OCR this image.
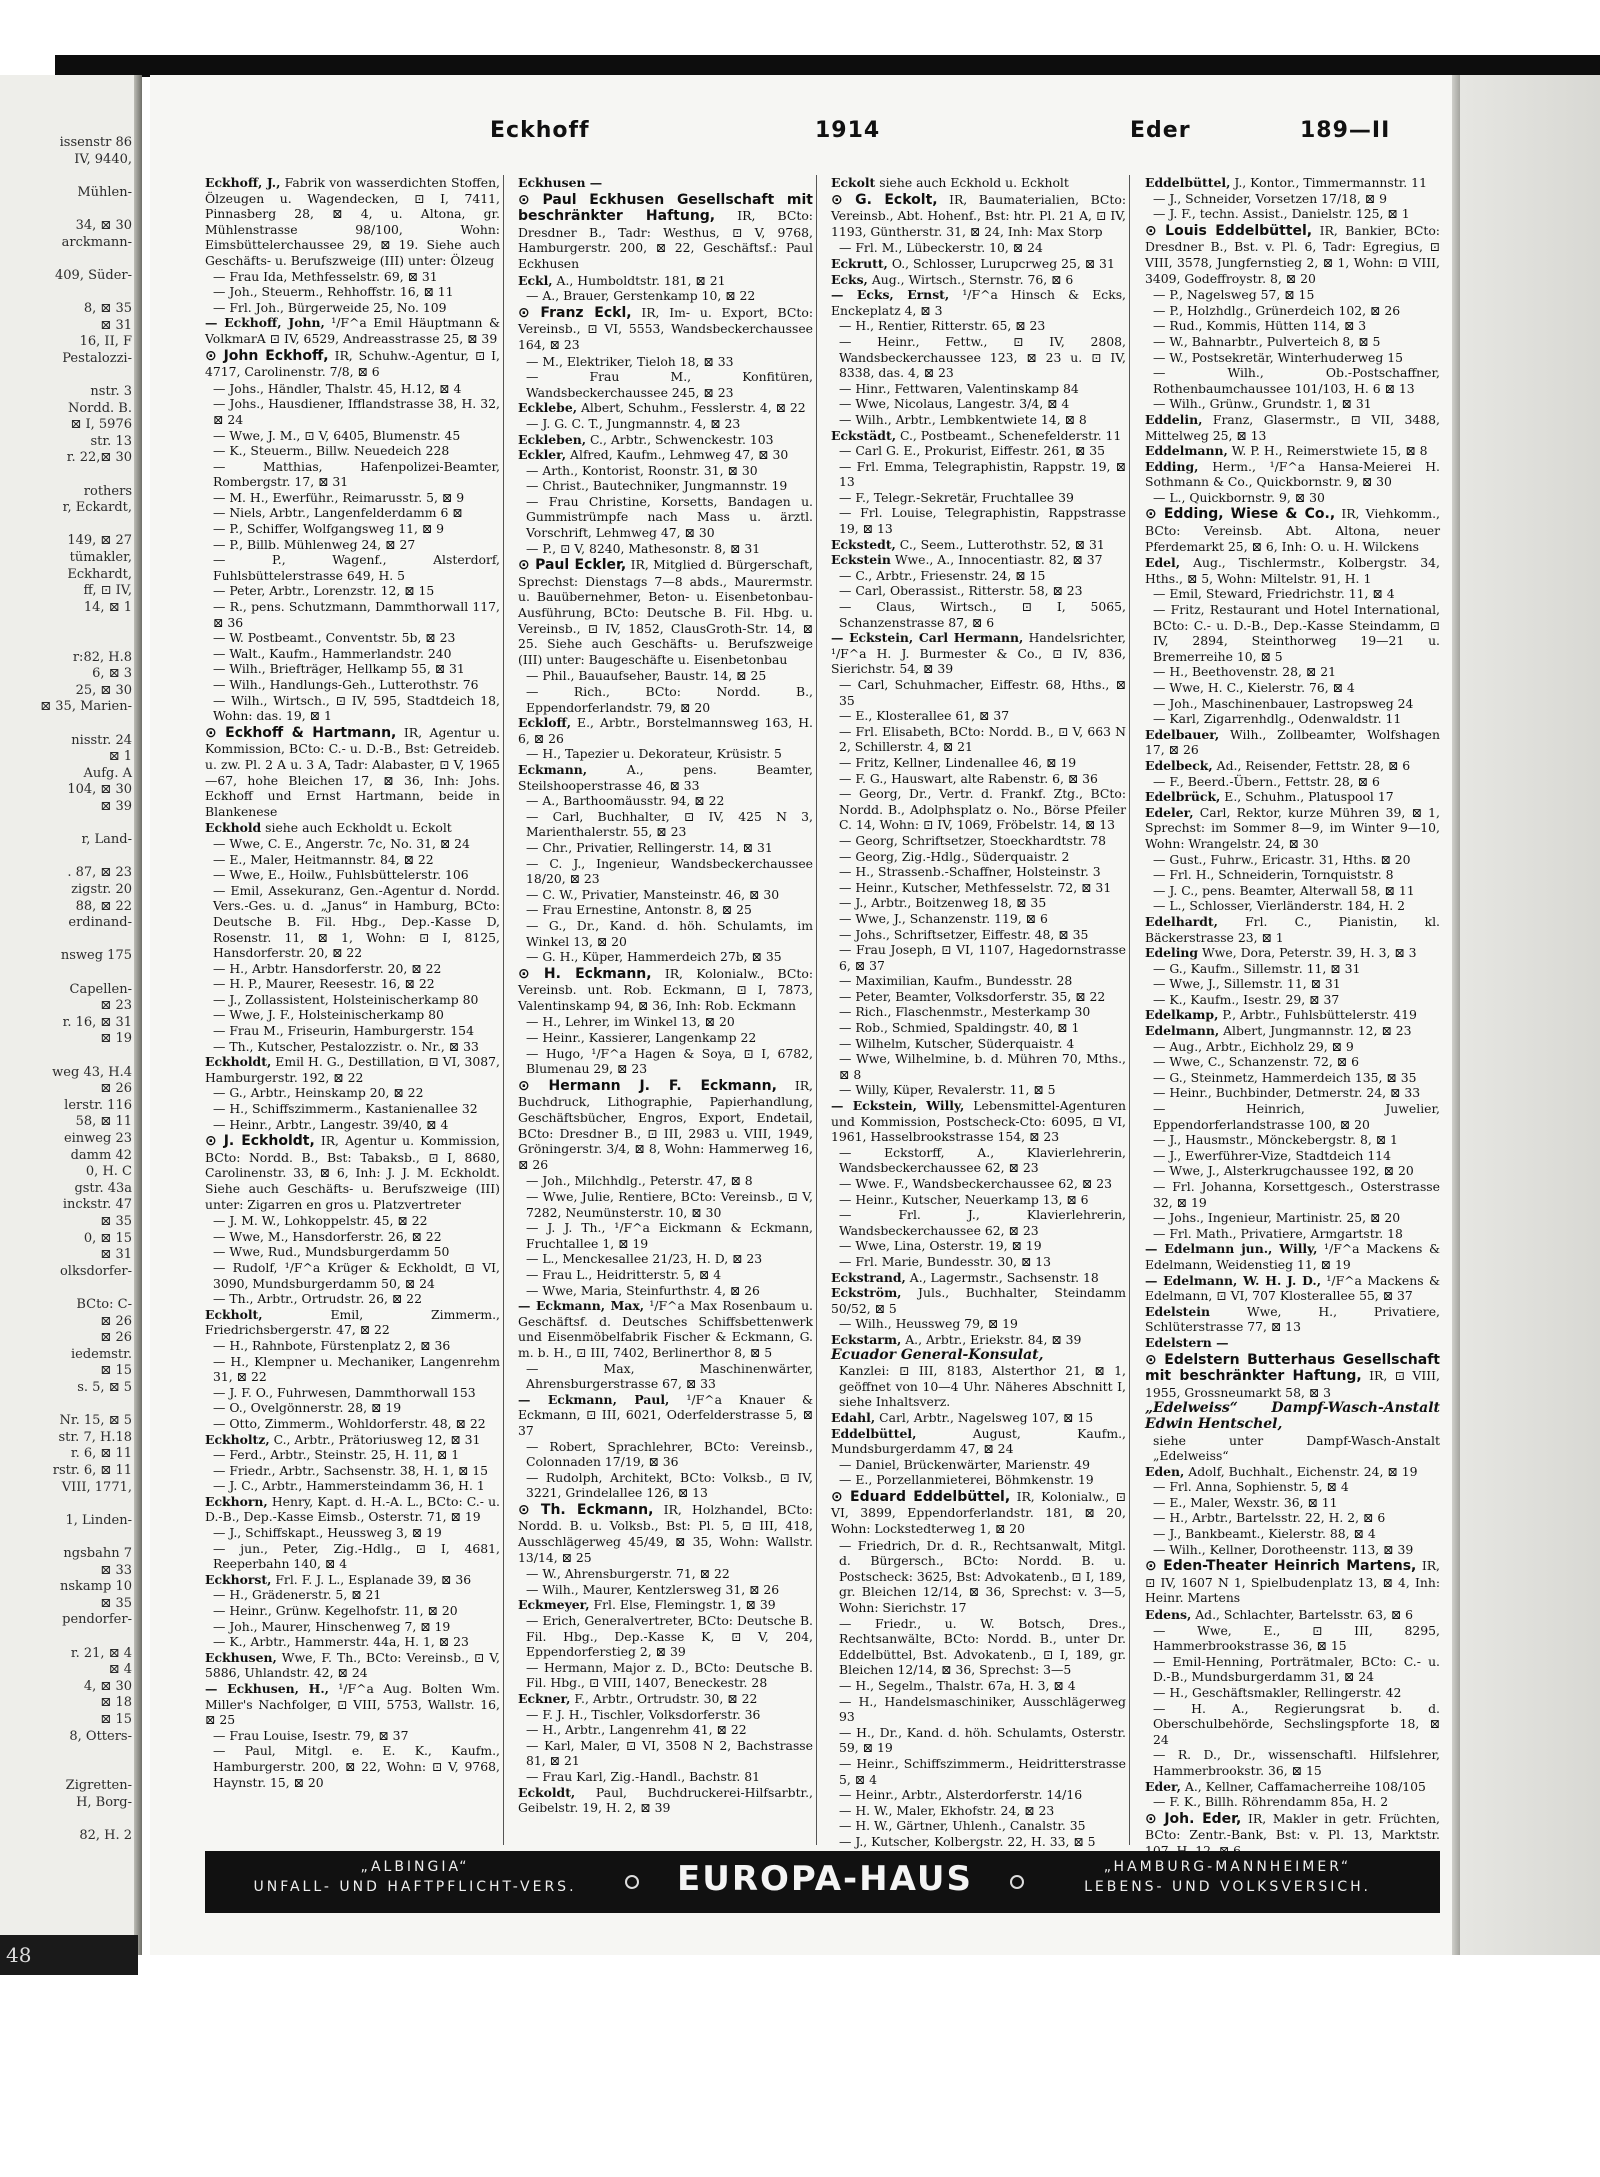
issenstr 86
IV, 9440,
Mühlen-
34, ⊠ 30
arckmann-
409, Süder-
8, ⊠ 35
⊠ 31
16, II, F
Pestalozzi-
nstr. 3
Nordd. B.
⊠ I, 5976
str. 13
r. 22,⊠ 30
rothers
r, Eckardt,
149, ⊠ 27
tümakler,
Eckhardt,
ff, ⊡ IV,
14, ⊠ 1
r:82, H.8
6, ⊠ 3
25, ⊠ 30
⊠ 35, Marien-
nisstr. 24
⊠ 1
Aufg. A
104, ⊠ 30
⊠ 39
r, Land-
. 87, ⊠ 23
zigstr. 20
88, ⊠ 22
erdinand-
nsweg 175
Capellen-
⊠ 23
r. 16, ⊠ 31
⊠ 19
weg 43, H.4
⊠ 26
lerstr. 116
58, ⊠ 11
einweg 23
damm 42
0, H. C
gstr. 43a
inckstr. 47
⊠ 35
0, ⊠ 15
⊠ 31
olksdorfer-
BCto: C-
⊠ 26
⊠ 26
iedemstr.
⊠ 15
s. 5, ⊠ 5
Nr. 15, ⊠ 5
str. 7, H.18
r. 6, ⊠ 11
rstr. 6, ⊠ 11
VIII, 1771,
1, Linden-
ngsbahn 7
⊠ 33
nskamp 10
⊠ 35
pendorfer-
r. 21, ⊠ 4
⊠ 4
4, ⊠ 30
⊠ 18
⊠ 15
8, Otters-
Zigretten-
H, Borg-
82, H. 2
48
Eckhoff	1914	Eder	189—II

Eckhoff, J., Fabrik von wasserdichten Stoffen, Ölzeugen u. Wagendecken, ⊡ I, 7411, Pinnasberg 28, ⊠ 4, u. Altona, gr. Mühlenstrasse 98/100, Wohn: Eimsbüttelerchaussee 29, ⊠ 19. Siehe auch Geschäfts- u. Berufszweige (III) unter: Ölzeug

— Frau Ida, Methfesselstr. 69, ⊠ 31

— Joh., Steuerm., Rehhoffstr. 16, ⊠ 11

— Frl. Joh., Bürgerweide 25, No. 109

— Eckhoff, John, ¹/F^a Emil Häuptmann & VolkmarA ⊡ IV, 6529, Andreasstrasse 25, ⊠ 39

⊙ John Eckhoff, IR, Schuhw.-Agentur, ⊡ I, 4717, Carolinenstr. 7/8, ⊠ 6

— Johs., Händler, Thalstr. 45, H.12, ⊠ 4

— Johs., Hausdiener, Ifflandstrasse 38, H. 32, ⊠ 24

— Wwe, J. M., ⊡ V, 6405, Blumenstr. 45

— K., Steuerm., Billw. Neuedeich 228

— Matthias, Hafenpolizei-Beamter, Rombergstr. 17, ⊠ 31

— M. H., Ewerführ., Reimarusstr. 5, ⊠ 9

— Niels, Arbtr., Langenfelderdamm 6 ⊠

— P., Schiffer, Wolfgangsweg 11, ⊠ 9

— P., Billb. Mühlenweg 24, ⊠ 27

— P., Wagenf., Alsterdorf, Fuhlsbüttelerstrasse 649, H. 5

— Peter, Arbtr., Lorenzstr. 12, ⊠ 15

— R., pens. Schutzmann, Dammthorwall 117, ⊠ 36

— W. Postbeamt., Conventstr. 5b, ⊠ 23

— Walt., Kaufm., Hammerlandstr. 240

— Wilh., Briefträger, Hellkamp 55, ⊠ 31

— Wilh., Handlungs-Geh., Lutterothstr. 76

— Wilh., Wirtsch., ⊡ IV, 595, Stadtdeich 18, Wohn: das. 19, ⊠ 1

⊙ Eckhoff & Hartmann, IR, Agentur u. Kommission, BCto: C.- u. D.-B., Bst: Getreideb. u. zw. Pl. 2 A u. 3 A, Tadr: Alabaster, ⊡ V, 1965—67, hohe Bleichen 17, ⊠ 36, Inh: Johs. Eckhoff und Ernst Hartmann, beide in Blankenese

Eckhold siehe auch Eckholdt u. Eckolt

— Wwe, C. E., Angerstr. 7c, No. 31, ⊠ 24

— E., Maler, Heitmannstr. 84, ⊠ 22

— Wwe, E., Hoilw., Fuhlsbüttelerstr. 106

— Emil, Assekuranz, Gen.-Agentur d. Nordd. Vers.-Ges. u. d. „Janus“ in Hamburg, BCto: Deutsche B. Fil. Hbg., Dep.-Kasse D, Rosenstr. 11, ⊠ 1, Wohn: ⊡ I, 8125, Hansdorferstr. 20, ⊠ 22

— H., Arbtr. Hansdorferstr. 20, ⊠ 22

— H. P., Maurer, Reesestr. 16, ⊠ 22

— J., Zollassistent, Holsteinischerkamp 80

— Wwe, J. F., Holsteinischerkamp 80

— Frau M., Friseurin, Hamburgerstr. 154

— Th., Kutscher, Pestalozzistr. o. Nr., ⊠ 33

Eckholdt, Emil H. G., Destillation, ⊡ VI, 3087, Hamburgerstr. 192, ⊠ 22

— G., Arbtr., Heinskamp 20, ⊠ 22

— H., Schiffszimmerm., Kastanienallee 32

— Heinr., Arbtr., Langestr. 39/40, ⊠ 4

⊙ J. Eckholdt, IR, Agentur u. Kommission, BCto: Nordd. B., Bst: Tabaksb., ⊡ I, 8680, Carolinenstr. 33, ⊠ 6, Inh: J. J. M. Eckholdt. Siehe auch Geschäfts- u. Berufszweige (III) unter: Zigarren en gros u. Platzvertreter

— J. M. W., Lohkoppelstr. 45, ⊠ 22

— Wwe, M., Hansdorferstr. 26, ⊠ 22

— Wwe, Rud., Mundsburgerdamm 50

— Rudolf, ¹/F^a Krüger & Eckholdt, ⊡ VI, 3090, Mundsburgerdamm 50, ⊠ 24

— Th., Arbtr., Ortrudstr. 26, ⊠ 22

Eckholt, Emil, Zimmerm., Friedrichsbergerstr. 47, ⊠ 22

— H., Rahnbote, Fürstenplatz 2, ⊠ 36

— H., Klempner u. Mechaniker, Langenrehm 31, ⊠ 22

— J. F. O., Fuhrwesen, Dammthorwall 153

— O., Ovelgönnerstr. 28, ⊠ 19

— Otto, Zimmerm., Wohldorferstr. 48, ⊠ 22

Eckholtz, C., Arbtr., Prätoriusweg 12, ⊠ 31

— Ferd., Arbtr., Steinstr. 25, H. 11, ⊠ 1

— Friedr., Arbtr., Sachsenstr. 38, H. 1, ⊠ 15

— J. C., Arbtr., Hammersteindamm 36, H. 1

Eckhorn, Henry, Kapt. d. H.-A. L., BCto: C.- u. D.-B., Dep.-Kasse Eimsb., Osterstr. 71, ⊠ 19

— J., Schiffskapt., Heussweg 3, ⊠ 19

— jun., Peter, Zig.-Hdlg., ⊡ I, 4681, Reeperbahn 140, ⊠ 4

Eckhorst, Frl. F. J. L., Esplanade 39, ⊠ 36

— H., Grädenerstr. 5, ⊠ 21

— Heinr., Grünw. Kegelhofstr. 11, ⊠ 20

— Joh., Maurer, Hinschenweg 7, ⊠ 19

— K., Arbtr., Hammerstr. 44a, H. 1, ⊠ 23

Eckhusen, Wwe, F. Th., BCto: Vereinsb., ⊡ V, 5886, Uhlandstr. 42, ⊠ 24

— Eckhusen, H., ¹/F^a Aug. Bolten Wm. Miller's Nachfolger, ⊡ VIII, 5753, Wallstr. 16, ⊠ 25

— Frau Louise, Isestr. 79, ⊠ 37

— Paul, Mitgl. e. E. K., Kaufm., Hamburgerstr. 200, ⊠ 22, Wohn: ⊡ V, 9768, Haynstr. 15, ⊠ 20

Eckhusen —

⊙ Paul Eckhusen Gesellschaft mit beschränkter Haftung, IR, BCto: Dresdner B., Tadr: Westhus, ⊡ V, 9768, Hamburgerstr. 200, ⊠ 22, Geschäftsf.: Paul Eckhusen

Eckl, A., Humboldtstr. 181, ⊠ 21

— A., Brauer, Gerstenkamp 10, ⊠ 22

⊙ Franz Eckl, IR, Im- u. Export, BCto: Vereinsb., ⊡ VI, 5553, Wandsbeckerchaussee 164, ⊠ 23

— M., Elektriker, Tieloh 18, ⊠ 33

— Frau M., Konfitüren, Wandsbeckerchaussee 245, ⊠ 23

Ecklebe, Albert, Schuhm., Fesslerstr. 4, ⊠ 22

— J. G. C. T., Jungmannstr. 4, ⊠ 23

Eckleben, C., Arbtr., Schwenckestr. 103

Eckler, Alfred, Kaufm., Lehmweg 47, ⊠ 30

— Arth., Kontorist, Roonstr. 31, ⊠ 30

— Christ., Bautechniker, Jungmannstr. 19

— Frau Christine, Korsetts, Bandagen u. Gummistrümpfe nach Mass u. ärztl. Vorschrift, Lehmweg 47, ⊠ 30

— P., ⊡ V, 8240, Mathesonstr. 8, ⊠ 31

⊙ Paul Eckler, IR, Mitglied d. Bürgerschaft, Sprechst: Dienstags 7—8 abds., Maurermstr. u. Bauübernehmer, Beton- u. Eisenbetonbau-Ausführung, BCto: Deutsche B. Fil. Hbg. u. Vereinsb., ⊡ IV, 1852, ClausGroth-Str. 14, ⊠ 25. Siehe auch Geschäfts- u. Berufszweige (III) unter: Baugeschäfte u. Eisenbetonbau

— Phil., Bauaufseher, Baustr. 14, ⊠ 25

— Rich., BCto: Nordd. B., Eppendorferlandstr. 79, ⊠ 20

Eckloff, E., Arbtr., Borstelmannsweg 163, H. 6, ⊠ 26

— H., Tapezier u. Dekorateur, Krüsistr. 5

Eckmann, A., pens. Beamter, Steilshooperstrasse 46, ⊠ 33

— A., Barthoomäusstr. 94, ⊠ 22

— Carl, Buchhalter, ⊡ IV, 425 N 3, Marienthalerstr. 55, ⊠ 23

— Chr., Privatier, Rellingerstr. 14, ⊠ 31

— C. J., Ingenieur, Wandsbeckerchaussee 18/20, ⊠ 23

— C. W., Privatier, Mansteinstr. 46, ⊠ 30

— Frau Ernestine, Antonstr. 8, ⊠ 25

— G., Dr., Kand. d. höh. Schulamts, im Winkel 13, ⊠ 20

— G. H., Küper, Hammerdeich 27b, ⊠ 35

⊙ H. Eckmann, IR, Kolonialw., BCto: Vereinsb. unt. Rob. Eckmann, ⊡ I, 7873, Valentinskamp 94, ⊠ 36, Inh: Rob. Eckmann

— H., Lehrer, im Winkel 13, ⊠ 20

— Heinr., Kassierer, Langenkamp 22

— Hugo, ¹/F^a Hagen & Soya, ⊡ I, 6782, Blumenau 29, ⊠ 23

⊙ Hermann J. F. Eckmann, IR, Buchdruck, Lithographie, Papierhandlung, Geschäftsbücher, Engros, Export, Endetail, BCto: Dresdner B., ⊡ III, 2983 u. VIII, 1949, Gröningerstr. 3/4, ⊠ 8, Wohn: Hammerweg 16, ⊠ 26

— Joh., Milchhdlg., Peterstr. 47, ⊠ 8

— Wwe, Julie, Rentiere, BCto: Vereinsb., ⊡ V, 7282, Neumünsterstr. 10, ⊠ 30

— J. J. Th., ¹/F^a Eickmann & Eckmann, Fruchtallee 1, ⊠ 19

— L., Menckesallee 21/23, H. D, ⊠ 23

— Frau L., Heidritterstr. 5, ⊠ 4

— Wwe, Maria, Steinfurthstr. 4, ⊠ 26

— Eckmann, Max, ¹/F^a Max Rosenbaum u. Geschäftsf. d. Deutsches Schiffsbettenwerk und Eisenmöbelfabrik Fischer & Eckmann, G. m. b. H., ⊡ III, 7402, Berlinerthor 8, ⊠ 5

— Max, Maschinenwärter, Ahrensburgerstrasse 67, ⊠ 33

— Eckmann, Paul, ¹/F^a Knauer & Eckmann, ⊡ III, 6021, Oderfelderstrasse 5, ⊠ 37

— Robert, Sprachlehrer, BCto: Vereinsb., Colonnaden 17/19, ⊠ 36

— Rudolph, Architekt, BCto: Volksb., ⊡ IV, 3221, Grindelallee 126, ⊠ 13

⊙ Th. Eckmann, IR, Holzhandel, BCto: Nordd. B. u. Volksb., Bst: Pl. 5, ⊡ III, 418, Ausschlägerweg 45/49, ⊠ 35, Wohn: Wallstr. 13/14, ⊠ 25

— W., Ahrensburgerstr. 71, ⊠ 22

— Wilh., Maurer, Kentzlersweg 31, ⊠ 26

Eckmeyer, Frl. Else, Flemingstr. 1, ⊠ 39

— Erich, Generalvertreter, BCto: Deutsche B. Fil. Hbg., Dep.-Kasse K, ⊡ V, 204, Eppendorferstieg 2, ⊠ 39

— Hermann, Major z. D., BCto: Deutsche B. Fil. Hbg., ⊡ VIII, 1407, Beneckestr. 28

Eckner, F., Arbtr., Ortrudstr. 30, ⊠ 22

— F. J. H., Tischler, Volksdorferstr. 36

— H., Arbtr., Langenrehm 41, ⊠ 22

— Karl, Maler, ⊡ VI, 3508 N 2, Bachstrasse 81, ⊠ 21

— Frau Karl, Zig.-Handl., Bachstr. 81

Eckoldt, Paul, Buchdruckerei-Hilfsarbtr., Geibelstr. 19, H. 2, ⊠ 39

Eckolt siehe auch Eckhold u. Eckholt

⊙ G. Eckolt, IR, Baumaterialien, BCto: Vereinsb., Abt. Hohenf., Bst: htr. Pl. 21 A, ⊡ IV, 1193, Güntherstr. 31, ⊠ 24, Inh: Max Storp

— Frl. M., Lübeckerstr. 10, ⊠ 24

Eckrutt, O., Schlosser, Lurupcrweg 25, ⊠ 31

Ecks, Aug., Wirtsch., Sternstr. 76, ⊠ 6

— Ecks, Ernst, ¹/F^a Hinsch & Ecks, Enckeplatz 4, ⊠ 3

— H., Rentier, Ritterstr. 65, ⊠ 23

— Heinr., Fettw., ⊡ IV, 2808, Wandsbeckerchaussee 123, ⊠ 23 u. ⊡ IV, 8338, das. 4, ⊠ 23

— Hinr., Fettwaren, Valentinskamp 84

— Wwe, Nicolaus, Langestr. 3/4, ⊠ 4

— Wilh., Arbtr., Lembkentwiete 14, ⊠ 8

Eckstädt, C., Postbeamt., Schenefelderstr. 11

— Carl G. E., Prokurist, Eiffestr. 261, ⊠ 35

— Frl. Emma, Telegraphistin, Rappstr. 19, ⊠ 13

— F., Telegr.-Sekretär, Fruchtallee 39

— Frl. Louise, Telegraphistin, Rappstrasse 19, ⊠ 13

Eckstedt, C., Seem., Lutterothstr. 52, ⊠ 31

Eckstein Wwe., A., Innocentiastr. 82, ⊠ 37

— C., Arbtr., Friesenstr. 24, ⊠ 15

— Carl, Oberassist., Ritterstr. 58, ⊠ 23

— Claus, Wirtsch., ⊡ I, 5065, Schanzenstrasse 87, ⊠ 6

— Eckstein, Carl Hermann, Handelsrichter, ¹/F^a H. J. Burmester & Co., ⊡ IV, 836, Sierichstr. 54, ⊠ 39

— Carl, Schuhmacher, Eiffestr. 68, Hths., ⊠ 35

— E., Klosterallee 61, ⊠ 37

— Frl. Elisabeth, BCto: Nordd. B., ⊡ V, 663 N 2, Schillerstr. 4, ⊠ 21

— Fritz, Kellner, Lindenallee 46, ⊠ 19

— F. G., Hauswart, alte Rabenstr. 6, ⊠ 36

— Georg, Dr., Vertr. d. Frankf. Ztg., BCto: Nordd. B., Adolphsplatz o. No., Börse Pfeiler C. 14, Wohn: ⊡ IV, 1069, Fröbelstr. 14, ⊠ 13

— Georg, Schriftsetzer, Stoeckhardtstr. 78

— Georg, Zig.-Hdlg., Süderquaistr. 2

— H., Strassenb.-Schaffner, Holsteinstr. 3

— Heinr., Kutscher, Methfesselstr. 72, ⊠ 31

— J., Arbtr., Boitzenweg 18, ⊠ 35

— Wwe, J., Schanzenstr. 119, ⊠ 6

— Johs., Schriftsetzer, Eiffestr. 48, ⊠ 35

— Frau Joseph, ⊡ VI, 1107, Hagedornstrasse 6, ⊠ 37

— Maximilian, Kaufm., Bundesstr. 28

— Peter, Beamter, Volksdorferstr. 35, ⊠ 22

— Rich., Flaschenmstr., Mesterkamp 30

— Rob., Schmied, Spaldingstr. 40, ⊠ 1

— Wilhelm, Kutscher, Süderquaistr. 4

— Wwe, Wilhelmine, b. d. Mühren 70, Mths., ⊠ 8

— Willy, Küper, Revalerstr. 11, ⊠ 5

— Eckstein, Willy, Lebensmittel-Agenturen und Kommission, Postscheck-Cto: 6095, ⊡ VI, 1961, Hasselbrookstrasse 154, ⊠ 23

— Eckstorff, A., Klavierlehrerin, Wandsbeckerchaussee 62, ⊠ 23

— Wwe. F., Wandsbeckerchaussee 62, ⊠ 23

— Heinr., Kutscher, Neuerkamp 13, ⊠ 6

— Frl. J., Klavierlehrerin, Wandsbeckerchaussee 62, ⊠ 23

— Wwe, Lina, Osterstr. 19, ⊠ 19

— Frl. Marie, Bundesstr. 30, ⊠ 13

Eckstrand, A., Lagermstr., Sachsenstr. 18

Eckström, Juls., Buchhalter, Steindamm 50/52, ⊠ 5

— Wilh., Heussweg 79, ⊠ 19

Eckstarm, A., Arbtr., Eriekstr. 84, ⊠ 39

Ecuador General-Konsulat,

Kanzlei: ⊡ III, 8183, Alsterthor 21, ⊠ 1, geöffnet von 10—4 Uhr. Näheres Abschnitt I, siehe Inhaltsverz.

Edahl, Carl, Arbtr., Nagelsweg 107, ⊠ 15

Eddelbüttel, August, Kaufm., Mundsburgerdamm 47, ⊠ 24

— Daniel, Brückenwärter, Marienstr. 49

— E., Porzellanmieterei, Böhmkenstr. 19

⊙ Eduard Eddelbüttel, IR, Kolonialw., ⊡ VI, 3899, Eppendorferlandstr. 181, ⊠ 20, Wohn: Lockstedterweg 1, ⊠ 20

— Friedrich, Dr. d. R., Rechtsanwalt, Mitgl. d. Bürgersch., BCto: Nordd. B. u. Postscheck: 3625, Bst: Advokatenb., ⊡ I, 189, gr. Bleichen 12/14, ⊠ 36, Sprechst: v. 3—5, Wohn: Sierichstr. 17

— Friedr., u. W. Botsch, Dres., Rechtsanwälte, BCto: Nordd. B., unter Dr. Eddelbüttel, Bst. Advokatenb., ⊡ I, 189, gr. Bleichen 12/14, ⊠ 36, Sprechst: 3—5

— H., Segelm., Thalstr. 67a, H. 3, ⊠ 4

— H., Handelsmaschiniker, Ausschlägerweg 93

— H., Dr., Kand. d. höh. Schulamts, Osterstr. 59, ⊠ 19

— Heinr., Schiffszimmerm., Heidritterstrasse 5, ⊠ 4

— Heinr., Arbtr., Alsterdorferstr. 14/16

— H. W., Maler, Ekhofstr. 24, ⊠ 23

— H. W., Gärtner, Uhlenh., Canalstr. 35

— J., Kutscher, Kolbergstr. 22, H. 33, ⊠ 5

Eddelbüttel, J., Kontor., Timmermannstr. 11

— J., Schneider, Vorsetzen 17/18, ⊠ 9

— J. F., techn. Assist., Danielstr. 125, ⊠ 1

⊙ Louis Eddelbüttel, IR, Bankier, BCto: Dresdner B., Bst. v. Pl. 6, Tadr: Egregius, ⊡ VIII, 3578, Jungfernstieg 2, ⊠ 1, Wohn: ⊡ VIII, 3409, Godeffroystr. 8, ⊠ 20

— P., Nagelsweg 57, ⊠ 15

— P., Holzhdlg., Grünerdeich 102, ⊠ 26

— Rud., Kommis, Hütten 114, ⊠ 3

— W., Bahnarbtr., Pulverteich 8, ⊠ 5

— W., Postsekretär, Winterhuderweg 15

— Wilh., Ob.-Postschaffner, Rothenbaumchaussee 101/103, H. 6 ⊠ 13

— Wilh., Grünw., Grundstr. 1, ⊠ 31

Eddelin, Franz, Glasermstr., ⊡ VII, 3488, Mittelweg 25, ⊠ 13

Eddelmann, W. P. H., Reimerstwiete 15, ⊠ 8

Edding, Herm., ¹/F^a Hansa-Meierei H. Sothmann & Co., Quickbornstr. 9, ⊠ 30

— L., Quickbornstr. 9, ⊠ 30

⊙ Edding, Wiese & Co., IR, Viehkomm., BCto: Vereinsb. Abt. Altona, neuer Pferdemarkt 25, ⊠ 6, Inh: O. u. H. Wilckens

Edel, Aug., Tischlermstr., Kolbergstr. 34, Hths., ⊠ 5, Wohn: Miltelstr. 91, H. 1

— Emil, Steward, Friedrichstr. 11, ⊠ 4

— Fritz, Restaurant und Hotel International, BCto: C.- u. D.-B., Dep.-Kasse Steindamm, ⊡ IV, 2894, Steinthorweg 19—21 u. Bremerreihe 10, ⊠ 5

— H., Beethovenstr. 28, ⊠ 21

— Wwe, H. C., Kielerstr. 76, ⊠ 4

— Joh., Maschinenbauer, Lastropsweg 24

— Karl, Zigarrenhdlg., Odenwaldstr. 11

Edelbauer, Wilh., Zollbeamter, Wolfshagen 17, ⊠ 26

Edelbeck, Ad., Reisender, Fettstr. 28, ⊠ 6

— F., Beerd.-Übern., Fettstr. 28, ⊠ 6

Edelbrück, E., Schuhm., Platuspool 17

Edeler, Carl, Rektor, kurze Mühren 39, ⊠ 1, Sprechst: im Sommer 8—9, im Winter 9—10, Wohn: Wrangelstr. 24, ⊠ 30

— Gust., Fuhrw., Ericastr. 31, Hths. ⊠ 20

— Frl. H., Schneiderin, Tornquiststr. 8

— J. C., pens. Beamter, Alterwall 58, ⊠ 11

— L., Schlosser, Vierländerstr. 184, H. 2

Edelhardt, Frl. C., Pianistin, kl. Bäckerstrasse 23, ⊠ 1

Edeling Wwe, Dora, Peterstr. 39, H. 3, ⊠ 3

— G., Kaufm., Sillemstr. 11, ⊠ 31

— Wwe, J., Sillemstr. 11, ⊠ 31

— K., Kaufm., Isestr. 29, ⊠ 37

Edelkamp, P., Arbtr., Fuhlsbüttelerstr. 419

Edelmann, Albert, Jungmannstr. 12, ⊠ 23

— Aug., Arbtr., Eichholz 29, ⊠ 9

— Wwe, C., Schanzenstr. 72, ⊠ 6

— G., Steinmetz, Hammerdeich 135, ⊠ 35

— Heinr., Buchbinder, Detmerstr. 24, ⊠ 33

— Heinrich, Juwelier, Eppendorferlandstrasse 100, ⊠ 20

— J., Hausmstr., Mönckebergstr. 8, ⊠ 1

— J., Ewerführer-Vize, Stadtdeich 114

— Wwe, J., Alsterkrugchaussee 192, ⊠ 20

— Frl. Johanna, Korsettgesch., Osterstrasse 32, ⊠ 19

— Johs., Ingenieur, Martinistr. 25, ⊠ 20

— Frl. Math., Privatiere, Armgartstr. 18

— Edelmann jun., Willy, ¹/F^a Mackens & Edelmann, Weidenstieg 11, ⊠ 19

— Edelmann, W. H. J. D., ¹/F^a Mackens & Edelmann, ⊡ VI, 707 Klosterallee 55, ⊠ 37

Edelstein Wwe, H., Privatiere, Schlüterstrasse 77, ⊠ 13

Edelstern —

⊙ Edelstern Butterhaus Gesellschaft mit beschränkter Haftung, IR, ⊡ VIII, 1955, Grossneumarkt 58, ⊠ 3

„Edelweiss“ Dampf-Wasch-Anstalt Edwin Hentschel,

siehe unter Dampf-Wasch-Anstalt „Edelweiss“

Eden, Adolf, Buchhalt., Eichenstr. 24, ⊠ 19

— Frl. Anna, Sophienstr. 5, ⊠ 4

— E., Maler, Wexstr. 36, ⊠ 11

— H., Arbtr., Bartelsstr. 22, H. 2, ⊠ 6

— J., Bankbeamt., Kielerstr. 88, ⊠ 4

— Wilh., Kellner, Dorotheenstr. 113, ⊠ 39

⊙ Eden-Theater Heinrich Martens, IR, ⊡ IV, 1607 N 1, Spielbudenplatz 13, ⊠ 4, Inh: Heinr. Martens

Edens, Ad., Schlachter, Bartelsstr. 63, ⊠ 6

— Wwe, E., ⊡ III, 8295, Hammerbrookstrasse 36, ⊠ 15

— Emil-Henning, Porträtmaler, BCto: C.- u. D.-B., Mundsburgerdamm 31, ⊠ 24

— H., Geschäftsmakler, Rellingerstr. 42

— H. A., Regierungsrat b. d. Oberschulbehörde, Sechslingspforte 18, ⊠ 24

— R. D., Dr., wissenschaftl. Hilfslehrer, Hammerbrookstr. 36, ⊠ 15

Eder, A., Kellner, Caffamacherreihe 108/105

— F. K., Billh. Röhrendamm 85a, H. 2

⊙ Joh. Eder, IR, Makler in getr. Früchten, BCto: Zentr.-Bank, Bst: v. Pl. 13, Marktstr.

„ALBINGIA“
UNFALL- UND HAFTPFLICHT-VERS.	EUROPA-HAUS	„HAMBURG-MANNHEIMER“
LEBENS- UND VOLKSVERSICH.
